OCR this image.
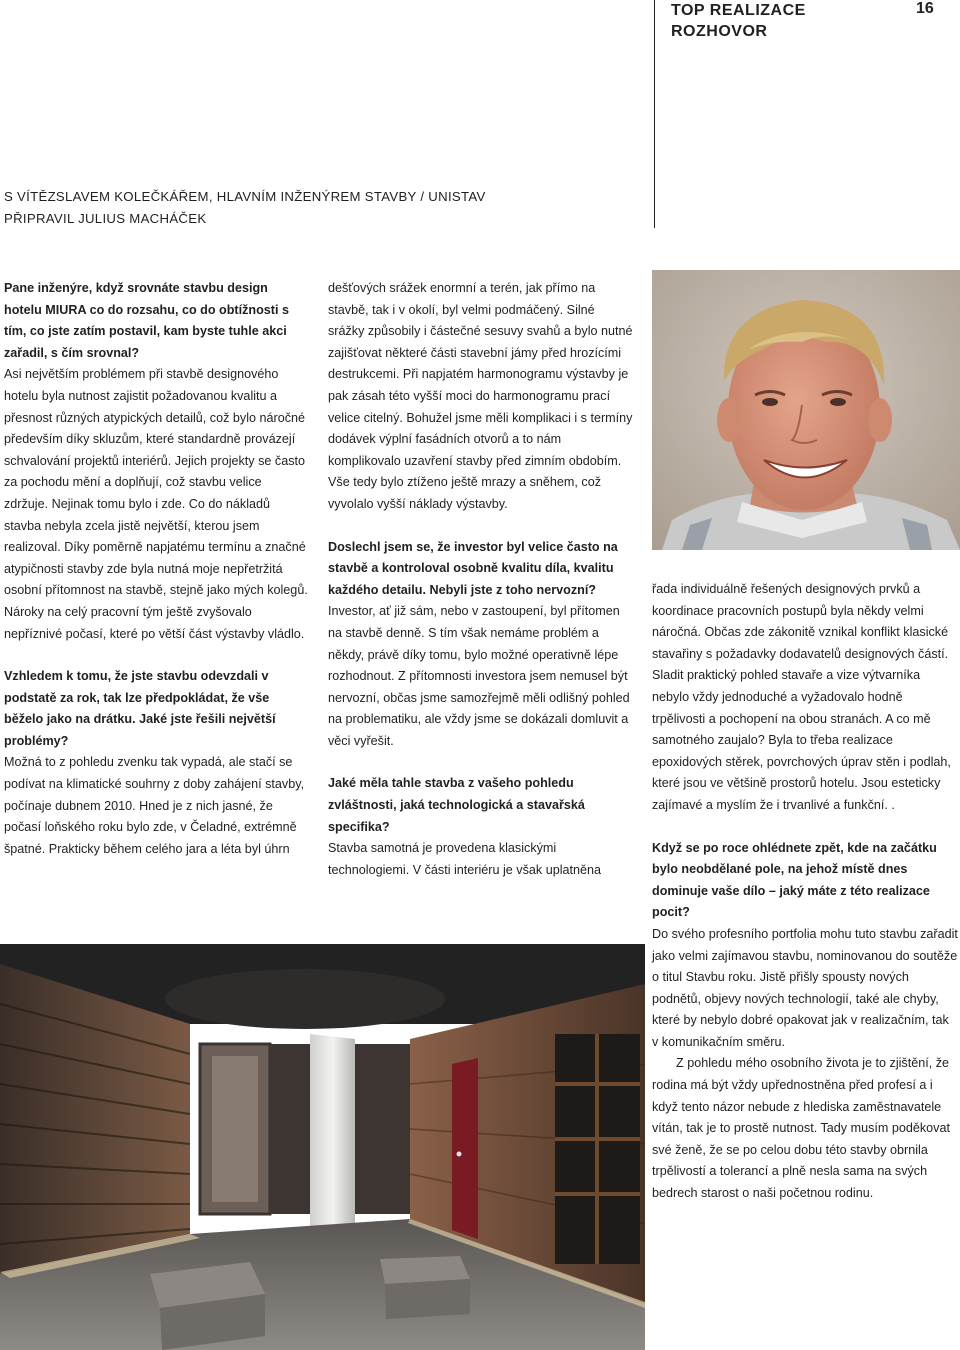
TOP REALIZACE
ROZHOVOR
16
S VÍTĚZSLAVEM KOLEČKÁŘEM, HLAVNÍM INŽENÝREM STAVBY / UNISTAV
PŘIPRAVIL JULIUS MACHÁČEK

Pane inženýre, když srovnáte stavbu design hotelu MIURA co do rozsahu, co do obtížnosti s tím, co jste zatím postavil, kam byste tuhle akci zařadil, s čím srovnal?

Asi největším problémem při stavbě designového hotelu byla nutnost zajistit požadovanou kvalitu a přesnost různých atypických detailů, což bylo náročné především díky skluzům, které standardně provázejí schvalování projektů interiérů. Jejich projekty se často za pochodu mění a doplňují, což stavbu velice zdržuje. Nejinak tomu bylo i zde. Co do nákladů stavba nebyla zcela jistě největší, kterou jsem realizoval. Díky poměrně napjatému termínu a značné atypičnosti stavby zde byla nutná moje nepřetržitá osobní přítomnost na stavbě, stejně jako mých kolegů. Nároky na celý pracovní tým ještě zvyšovalo nepříznivé počasí, které po větší část výstavby vládlo.

Vzhledem k tomu, že jste stavbu odevzdali v podstatě za rok, tak lze předpokládat, že vše běželo jako na drátku. Jaké jste řešili největší problémy?

Možná to z pohledu zvenku tak vypadá, ale stačí se podívat na klimatické souhrny z doby zahájení stavby, počínaje dubnem 2010. Hned je z nich jasné, že počasí loňského roku bylo zde, v Čeladné, extrémně špatné. Prakticky během celého jara a léta byl úhrn

dešťových srážek enormní a terén, jak přímo na stavbě, tak i v okolí, byl velmi podmáčený. Silné srážky způsobily i částečné sesuvy svahů a bylo nutné zajišťovat některé části stavební jámy před hrozícími destrukcemi. Při napjatém harmonogramu výstavby je pak zásah této vyšší moci do harmonogramu prací velice citelný. Bohužel jsme měli komplikaci i s termíny dodávek výplní fasádních otvorů a to nám komplikovalo uzavření stavby před zimním obdobím. Vše tedy bylo ztíženo ještě mrazy a sněhem, což vyvolalo vyšší náklady výstavby.

Doslechl jsem se, že investor byl velice často na stavbě a kontroloval osobně kvalitu díla, kvalitu každého detailu. Nebyli jste z toho nervozní?

Investor, ať již sám, nebo v zastoupení, byl přítomen na stavbě denně. S tím však nemáme problém a někdy, právě díky tomu, bylo možné operativně lépe rozhodnout. Z přítomnosti investora jsem nemusel být nervozní, občas jsme samozřejmě měli odlišný pohled na problematiku, ale vždy jsme se dokázali domluvit a věci vyřešit.

Jaké měla tahle stavba z vašeho pohledu zvláštnosti, jaká technologická a stavařská specifika?

Stavba samotná je provedena klasickými technologiemi. V části interiéru je však uplatněna

řada individuálně řešených designových prvků a koordinace pracovních postupů byla někdy velmi náročná. Občas zde zákonitě vznikal konflikt klasické stavařiny s požadavky dodavatelů designových částí. Sladit praktický pohled stavaře a vize výtvarníka nebylo vždy jednoduché a vyžadovalo hodně trpělivosti a pochopení na obou stranách. A co mě samotného zaujalo? Byla to třeba realizace epoxidových stěrek, povrchových úprav stěn i podlah, které jsou ve většině prostorů hotelu. Jsou esteticky zajímavé a myslím že i trvanlivé a funkční. .

Když se po roce ohlédnete zpět, kde na začátku bylo neobdělané pole, na jehož místě dnes dominuje vaše dílo – jaký máte z této realizace pocit?

Do svého profesního portfolia mohu tuto stavbu zařadit jako velmi zajímavou stavbu, nominovanou do soutěže o titul Stavbu roku. Jistě přišly spousty nových podnětů, objevy nových technologií, také ale chyby, které by nebylo dobré opakovat jak v realizačním, tak v komunikačním směru.

Z pohledu mého osobního života je to zjištění, že rodina má být vždy upřednostněna před profesí a i když tento názor nebude z hlediska zaměstnavatele vítán, tak je to prostě nutnost. Tady musím poděkovat své ženě, že se po celou dobu této stavby obrnila trpělivostí a tolerancí a plně nesla sama na svých bedrech starost o naši početnou rodinu.
